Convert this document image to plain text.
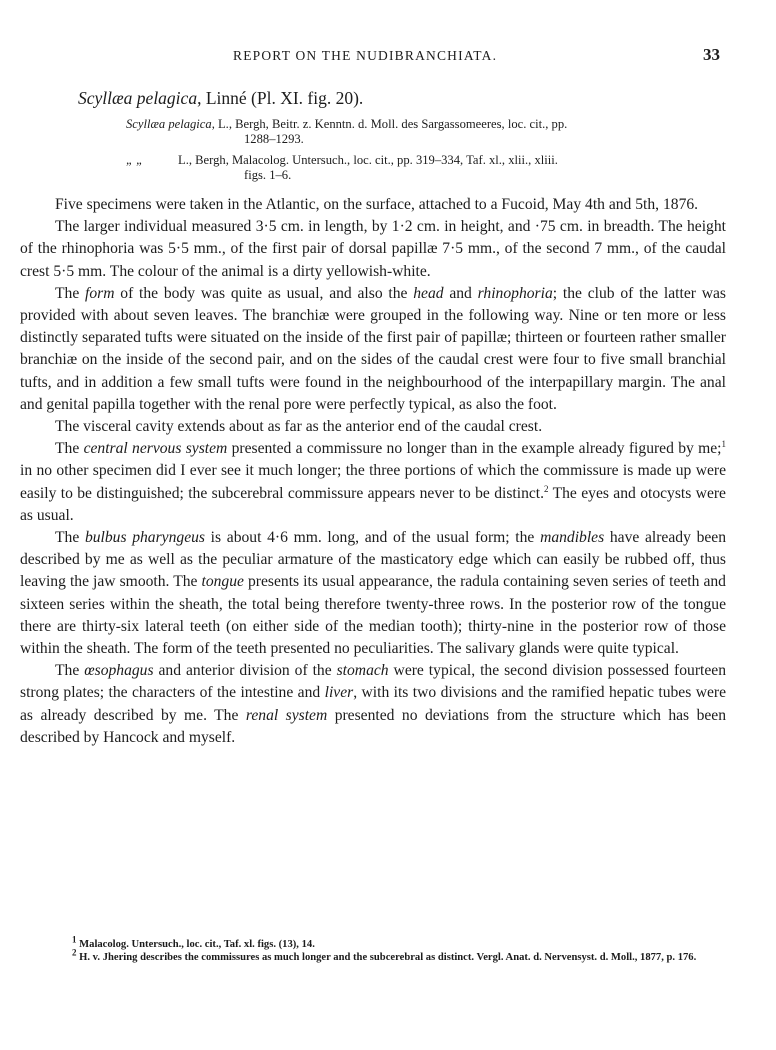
REPORT ON THE NUDIBRANCHIATA.	33
Scyllæa pelagica, Linné (Pl. XI. fig. 20).
Scyllæa pelagica, L., Bergh, Beitr. z. Kenntn. d. Moll. des Sargassomeeres, loc. cit., pp.
1288–1293.
„ „	L., Bergh, Malacolog. Untersuch., loc. cit., pp. 319–334, Taf. xl., xlii., xliii.
figs. 1–6.

Five specimens were taken in the Atlantic, on the surface, attached to a Fucoid, May 4th and 5th, 1876.

The larger individual measured 3·5 cm. in length, by 1·2 cm. in height, and ·75 cm. in breadth. The height of the rhinophoria was 5·5 mm., of the first pair of dorsal papillæ 7·5 mm., of the second 7 mm., of the caudal crest 5·5 mm. The colour of the animal is a dirty yellowish-white.

The form of the body was quite as usual, and also the head and rhinophoria; the club of the latter was provided with about seven leaves. The branchiæ were grouped in the following way. Nine or ten more or less distinctly separated tufts were situated on the inside of the first pair of papillæ; thirteen or fourteen rather smaller branchiæ on the inside of the second pair, and on the sides of the caudal crest were four to five small branchial tufts, and in addition a few small tufts were found in the neighbourhood of the interpapillary margin. The anal and genital papilla together with the renal pore were perfectly typical, as also the foot.

The visceral cavity extends about as far as the anterior end of the caudal crest.

The central nervous system presented a commissure no longer than in the example already figured by me;$^1$ in no other specimen did I ever see it much longer; the three portions of which the commissure is made up were easily to be distinguished; the subcerebral commissure appears never to be distinct.$^2$ The eyes and otocysts were as usual.

The bulbus pharyngeus is about 4·6 mm. long, and of the usual form; the mandibles have already been described by me as well as the peculiar armature of the masticatory edge which can easily be rubbed off, thus leaving the jaw smooth. The tongue presents its usual appearance, the radula containing seven series of teeth and sixteen series within the sheath, the total being therefore twenty-three rows. In the posterior row of the tongue there are thirty-six lateral teeth (on either side of the median tooth); thirty-nine in the posterior row of those within the sheath. The form of the teeth presented no peculiarities. The salivary glands were quite typical.

The œsophagus and anterior division of the stomach were typical, the second division possessed fourteen strong plates; the characters of the intestine and liver, with its two divisions and the ramified hepatic tubes were as already described by me. The renal system presented no deviations from the structure which has been described by Hancock and myself.

$^1$ Malacolog. Untersuch., loc. cit., Taf. xl. figs. (13), 14.

$^2$ H. v. Jhering describes the commissures as much longer and the subcerebral as distinct. Vergl. Anat. d. Nervensyst. d. Moll., 1877, p. 176.
